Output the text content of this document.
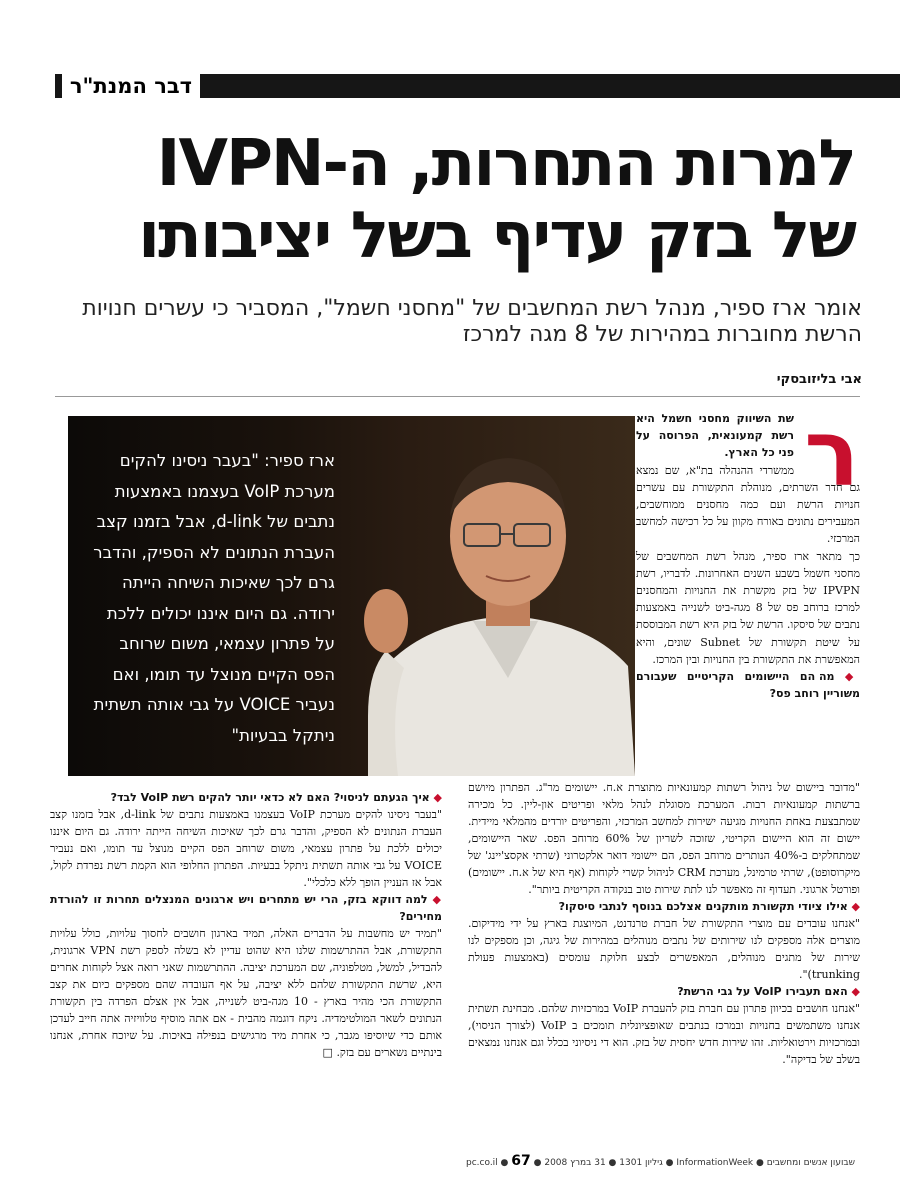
דבר המנת"ר
למרות התחרות, ה-IVPN של בזק עדיף בשל יציבותו

אומר ארז ספיר, מנהל רשת המחשבים של "מחסני חשמל", המסביר כי עשרים חנויות הרשת מחוברות במהירות של 8 מגה למרכז

אבי בליזובסקי

ארז ספיר: "בעבר ניסינו להקים מערכת VoIP בעצמנו באמצעות נתבים של d-link, אבל בזמנו קצב העברת הנתונים לא הספיק, והדבר גרם לכך שאיכות השיחה הייתה ירודה. גם היום איננו יכולים ללכת על פתרון עצמאי, משום שרוחב הפס הקיים מנוצל עד תומו, ואם נעביר VOICE על גבי אותה תשתית ניתקל בבעיות"

ר

שת השיווק מחסני חשמל היא רשת קמעונאית, הפרוסה על פני כל הארץ.

ממשרדי ההנהלה בת"א, שם נמצא גם חדר השרתים, מנוהלת התקשורת עם עשרים חנויות הרשת ועם כמה מחסנים ממוחשבים, המעבירים נתונים באורח מקוון על כל רכישה למחשב המרכזי.

כך מתאר ארז ספיר, מנהל רשת המחשבים של מחסני חשמל בשבע השנים האחרונות. לדבריו, רשת IPVPN של בזק מקשרת את החנויות והמחסנים למרכז ברוחב פס של 8 מגה-ביט לשנייה באמצעות נתבים של סיסקו. הרשת של בזק היא רשת המבוססת על שיטת תקשורת של Subnet שונים, והיא המאפשרת את התקשורת בין החנויות ובין המרכז.

◆ מה הם היישומים הקריטיים שעבורם משוריין רוחב פס?

"מדובר ביישום של ניהול רשתות קמעונאיות מתוצרת א.ח. יישומים מר"ג. הפתרון מיושם ברשתות קמעונאיות רבות. המערכת מסוגלת לנהל מלאי ופריטים און-ליין. כל מכירה שמתבצעת באחת החנויות מגיעה ישירות למחשב המרכזי, והפריטים יורדים מהמלאי מיידית. יישום זה הוא היישום הקריטי, שזוכה לשריון של 60% מרוחב הפס. שאר היישומים, שמתחלקים ב-40% הנותרים מרוחב הפס, הם יישומי דואר אלקטרוני (שרתי אקסצ'יינג' של מיקרוסופט), שרתי טרמינל, מערכת CRM לניהול קשרי לקוחות (אף היא של א.ח. יישומים) ופורטל ארגוני. תעדוף זה מאפשר לנו לתת שירות טוב בנקודה הקריטית ביותר".

◆ אילו ציודי תקשורת מותקנים אצלכם בנוסף לנתבי סיסקו?

"אנחנו עובדים עם מוצרי התקשורת של חברת טרנדנט, המיוצגת בארץ על ידי מידיקום. מוצרים אלה מספקים לנו שירותים של נתבים מנוהלים במהירות של גיגה, וכן מספקים לנו שירות של מתגים מנוהלים, המאפשרים לבצע חלוקת עומסים (באמצעות פעולת trunking)".

◆ האם תעבירו VoIP על גבי הרשת?

"אנחנו חושבים בכיוון פתרון עם חברת בזק להעברת VoIP במרכזיות שלהם. מבחינת תשתית אנחנו משתמשים בחנויות ובמרכז בנתבים שאופציונלית תומכים ב VoIP (לצורך הניסוי), ובמרכזיות וירטואליות. זהו שירות חדש יחסית של בזק. הוא די ניסיוני בכלל וגם אנחנו נמצאים בשלב של בדיקה".

◆ איך הגעתם לניסוי? האם לא כדאי יותר להקים רשת VoIP לבד?

"בעבר ניסינו להקים מערכת VoIP בעצמנו באמצעות נתבים של d-link, אבל בזמנו קצב העברת הנתונים לא הספיק, והדבר גרם לכך שאיכות השיחה הייתה ירודה. גם היום איננו יכולים ללכת על פתרון עצמאי, משום שרוחב הפס הקיים מנוצל עד תומו, ואם נעביר VOICE על גבי אותה תשתית ניתקל בבעיות. הפתרון החלופי הוא הקמת רשת נפרדת לקול, אבל אז העניין הופך ללא כלכלי".

◆ למה דווקא בזק, הרי יש מתחרים ויש ארגונים המנצלים תחרות זו להורדת מחירים?

"תמיד יש מחשבות על הדברים האלה, תמיד בארגון חושבים לחסוך עלויות, כולל עלויות התקשורת, אבל ההתרשמות שלנו היא שהוט עדיין לא בשלה לספק רשת VPN ארגונית, להבדיל, למשל, מטלפוניה, שם המערכת יציבה. ההתרשמות שאני רואה אצל לקוחות אחרים היא, שרשת התקשורת שלהם ללא יציבה, על אף העובדה שהם מספקים כיום את קצב התקשורת הכי מהיר בארץ - 10 מגה-ביט לשנייה, אבל אין אצלם הפרדה בין תקשורת הנתונים לשאר המולטימדיה. ניקח דוגמה מהבית - אם אתה מוסיף טלוויזיה אתה חייב לעדכן אותם כדי שיוסיפו מגבר, כי אחרת מיד מרגישים בנפילה באיכות. על שיוכח אחרת, אנחנו בינתיים נשארים עם בזק. □

שבועון אנשים ומחשבים ● InformationWeek ● גיליון 1301 ● 31 במרץ 2008 ● pc.co.il ● 67
